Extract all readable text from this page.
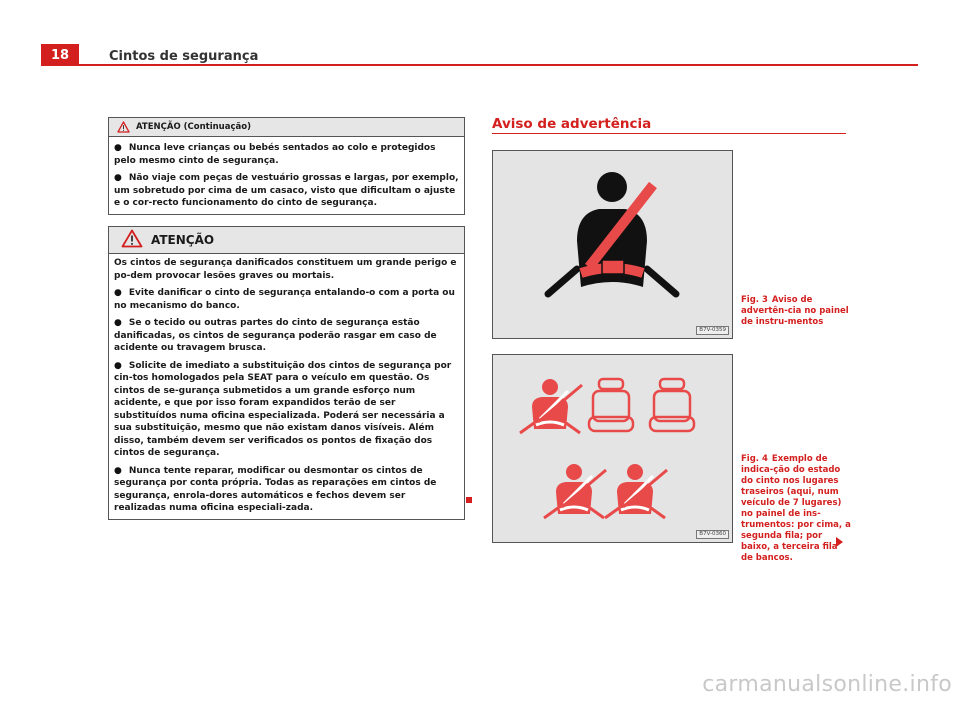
18	Cintos de segurança
ATENÇÃO (Continuação)

● Nunca leve crianças ou bebés sentados ao colo e protegidos pelo mesmo cinto de segurança.

● Não viaje com peças de vestuário grossas e largas, por exemplo, um sobretudo por cima de um casaco, visto que dificultam o ajuste e o cor-recto funcionamento do cinto de segurança.

ATENÇÃO

Os cintos de segurança danificados constituem um grande perigo e po-dem provocar lesões graves ou mortais.

● Evite danificar o cinto de segurança entalando-o com a porta ou no mecanismo do banco.

● Se o tecido ou outras partes do cinto de segurança estão danificadas, os cintos de segurança poderão rasgar em caso de acidente ou travagem brusca.

● Solicite de imediato a substituição dos cintos de segurança por cin-tos homologados pela SEAT para o veículo em questão. Os cintos de se-gurança submetidos a um grande esforço num acidente, e que por isso foram expandidos terão de ser substituídos numa oficina especializada. Poderá ser necessária a sua substituição, mesmo que não existam danos visíveis. Além disso, também devem ser verificados os pontos de fixação dos cintos de segurança.

● Nunca tente reparar, modificar ou desmontar os cintos de segurança por conta própria. Todas as reparações em cintos de segurança, enrola-dores automáticos e fechos devem ser realizadas numa oficina especiali-zada.

Aviso de advertência
B7V-0359
Fig. 3 Aviso de advertên-cia no painel de instru-mentos
B7V-0360
Fig. 4 Exemplo de indica-ção do estado do cinto nos lugares traseiros (aqui, num veículo de 7 lugares) no painel de ins-trumentos: por cima, a segunda fila; por baixo, a terceira fila de bancos.
carmanualsonline.info
